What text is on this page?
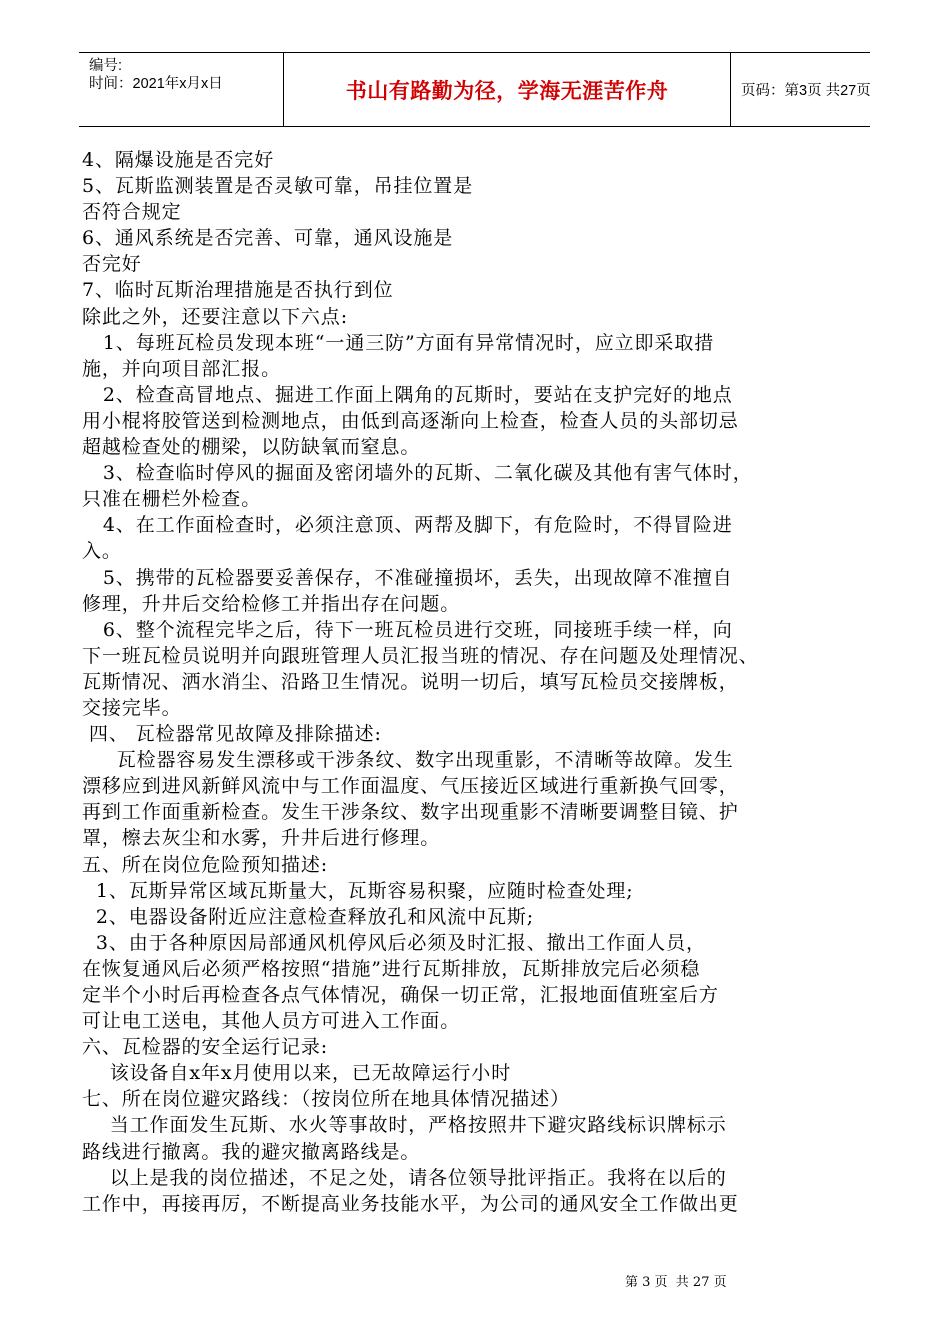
编号:
时间：2021年x月x日	书山有路勤为径，学海无涯苦作舟	页码：第3页 共27页
4、隔爆设施是否完好
5、瓦斯监测装置是否灵敏可靠，吊挂位置是
否符合规定
6、通风系统是否完善、可靠，通风设施是
否完好
7、临时瓦斯治理措施是否执行到位
除此之外，还要注意以下六点:
1、每班瓦检员发现本班“一通三防”方面有异常情况时，应立即采取措
施，并向项目部汇报。
2、检查高冒地点、掘进工作面上隅角的瓦斯时，要站在支护完好的地点
用小棍将胶管送到检测地点，由低到高逐渐向上检查，检查人员的头部切忌
超越检查处的棚梁，以防缺氧而窒息。
3、检查临时停风的掘面及密闭墙外的瓦斯、二氧化碳及其他有害气体时，
只准在栅栏外检查。
4、在工作面检查时，必须注意顶、两帮及脚下，有危险时，不得冒险进
入。
5、携带的瓦检器要妥善保存，不准碰撞损坏，丢失，出现故障不准擅自
修理，升井后交给检修工并指出存在问题。
6、整个流程完毕之后，待下一班瓦检员进行交班，同接班手续一样，向
下一班瓦检员说明并向跟班管理人员汇报当班的情况、存在问题及处理情况、
瓦斯情况、洒水消尘、沿路卫生情况。说明一切后，填写瓦检员交接牌板，
交接完毕。
四、 瓦检器常见故障及排除描述:
瓦检器容易发生漂移或干涉条纹、数字出现重影，不清晰等故障。发生
漂移应到进风新鲜风流中与工作面温度、气压接近区域进行重新换气回零，
再到工作面重新检查。发生干涉条纹、数字出现重影不清晰要调整目镜、护
罩，檫去灰尘和水雾，升井后进行修理。
五、所在岗位危险预知描述:
1、瓦斯异常区域瓦斯量大，瓦斯容易积聚，应随时检查处理;
2、电器设备附近应注意检查释放孔和风流中瓦斯;
3、由于各种原因局部通风机停风后必须及时汇报、撤出工作面人员，
在恢复通风后必须严格按照“措施”进行瓦斯排放，瓦斯排放完后必须稳
定半个小时后再检查各点气体情况，确保一切正常，汇报地面值班室后方
可让电工送电，其他人员方可进入工作面。
六、瓦检器的安全运行记录:
该设备自x年x月使用以来，已无故障运行小时
七、所在岗位避灾路线：（按岗位所在地具体情况描述）
当工作面发生瓦斯、水火等事故时，严格按照井下避灾路线标识牌标示
路线进行撤离。我的避灾撤离路线是。
以上是我的岗位描述，不足之处，请各位领导批评指正。我将在以后的
工作中，再接再厉，不断提高业务技能水平，为公司的通风安全工作做出更
第 3 页  共 27 页
